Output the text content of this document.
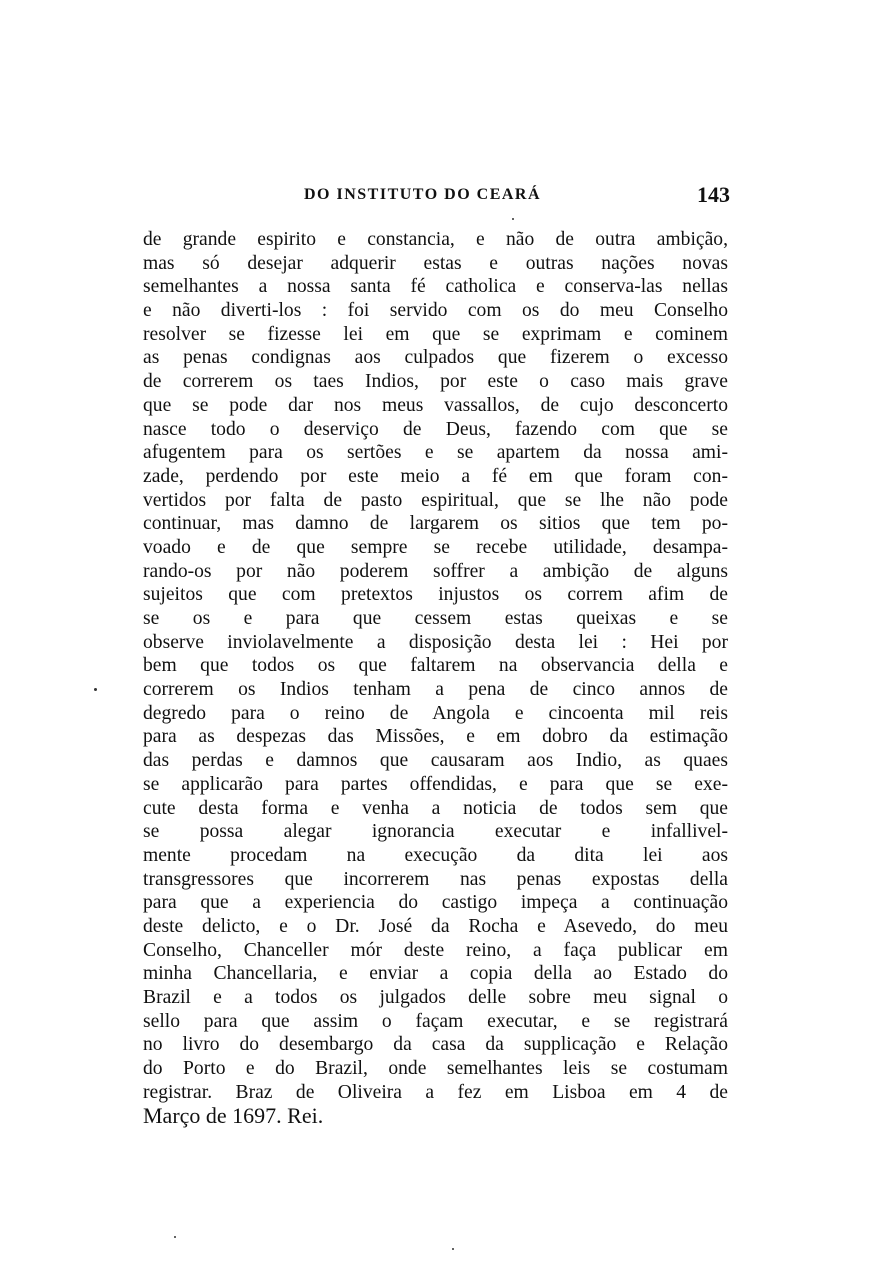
DO INSTITUTO DO CEARÁ	143
de grande espirito e constancia, e não de outra ambição,
mas só desejar adquerir estas e outras nações novas
semelhantes a nossa santa fé catholica e conserva-las nellas
e não diverti-los : foi servido com os do meu Conselho
resolver se fizesse lei em que se exprimam e cominem
as penas condignas aos culpados que fizerem o excesso
de correrem os taes Indios, por este o caso mais grave
que se pode dar nos meus vassallos, de cujo desconcerto
nasce todo o deserviço de Deus, fazendo com que se
afugentem para os sertões e se apartem da nossa ami-
zade, perdendo por este meio a fé em que foram con-
vertidos por falta de pasto espiritual, que se lhe não pode
continuar, mas damno de largarem os sitios que tem po-
voado e de que sempre se recebe utilidade, desampa-
rando-os por não poderem soffrer a ambição de alguns
sujeitos que com pretextos injustos os correm afim de
se os e para que cessem estas queixas e se
observe inviolavelmente a disposição desta lei : Hei por
bem que todos os que faltarem na observancia della e
correrem os Indios tenham a pena de cinco annos de
degredo para o reino de Angola e cincoenta mil reis
para as despezas das Missões, e em dobro da estimação
das perdas e damnos que causaram aos Indio, as quaes
se applicarão para partes offendidas, e para que se exe-
cute desta forma e venha a noticia de todos sem que
se possa alegar ignorancia executar e infallivel-
mente procedam na execução da dita lei aos
transgressores que incorrerem nas penas expostas della
para que a experiencia do castigo impeça a continuação
deste delicto, e o Dr. José da Rocha e Asevedo, do meu
Conselho, Chanceller mór deste reino, a faça publicar em
minha Chancellaria, e enviar a copia della ao Estado do
Brazil e a todos os julgados delle sobre meu signal o
sello para que assim o façam executar, e se registrará
no livro do desembargo da casa da supplicação e Relação
do Porto e do Brazil, onde semelhantes leis se costumam
registrar. Braz de Oliveira a fez em Lisboa em 4 de
Março de 1697. Rei.
